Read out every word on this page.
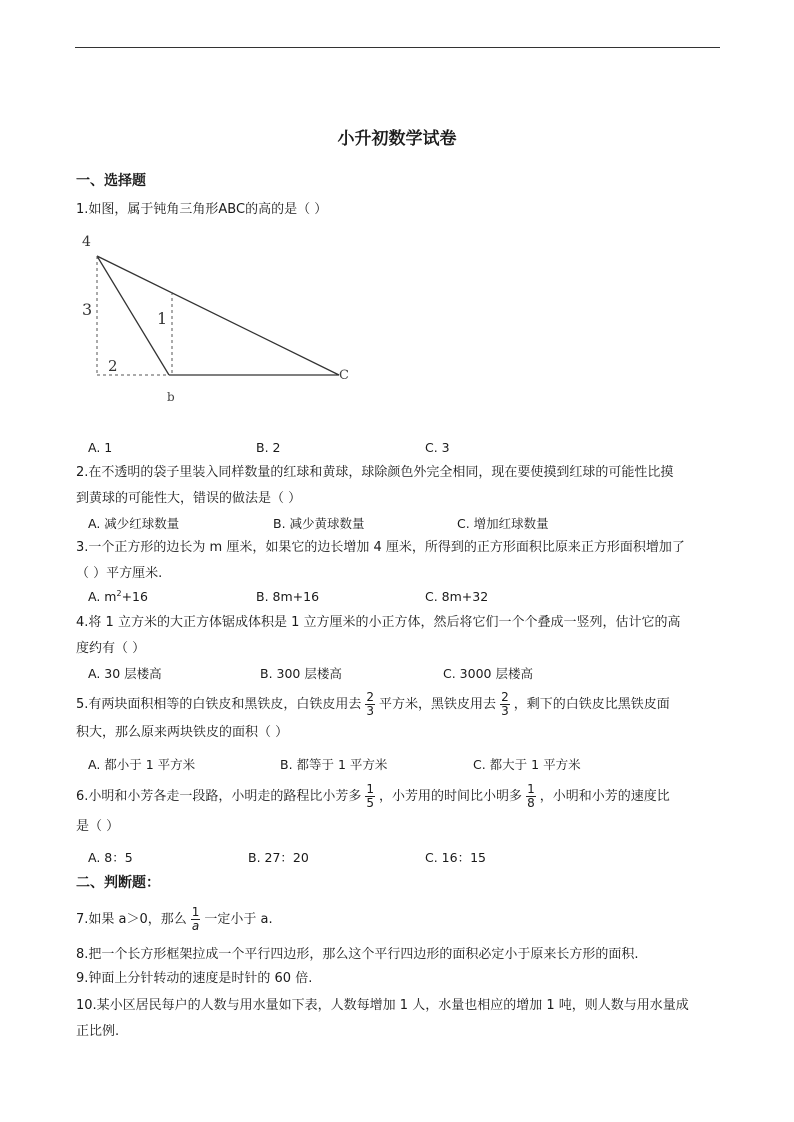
小升初数学试卷
一、选择题
1.如图，属于钝角三角形ABC的高的是（ ）
4
3	1
2
b
C
A. 1	B. 2	C. 3
2.在不透明的袋子里装入同样数量的红球和黄球，球除颜色外完全相同，现在要使摸到红球的可能性比摸
到黄球的可能性大，错误的做法是（ ）
A. 减少红球数量	B. 减少黄球数量	C. 增加红球数量
3.一个正方形的边长为 m 厘米，如果它的边长增加 4 厘米，所得到的正方形面积比原来正方形面积增加了
（ ）平方厘米.
A. $m^2+16$	B. 8m+16	C. 8m+32
4.将 1 立方米的大正方体锯成体积是 1 立方厘米的小正方体，然后将它们一个个叠成一竖列，估计它的高
度约有（ ）
A. 30 层楼高	B. 300 层楼高	C. 3000 层楼高
5.有两块面积相等的白铁皮和黑铁皮，白铁皮用去 $\frac{2}{3}$ 平方米，黑铁皮用去 $\frac{2}{3}$ ，剩下的白铁皮比黑铁皮面
积大，那么原来两块铁皮的面积（ ）
A. 都小于 1 平方米	B. 都等于 1 平方米	C. 都大于 1 平方米
6.小明和小芳各走一段路，小明走的路程比小芳多 $\frac{1}{5}$ ，小芳用的时间比小明多 $\frac{1}{8}$ ，小明和小芳的速度比
是（ ）
A. 8：5	B. 27：20	C. 16：15
二、判断题：
7.如果 a＞0，那么 $\frac{1}{a}$ 一定小于 a.
8.把一个长方形框架拉成一个平行四边形，那么这个平行四边形的面积必定小于原来长方形的面积.
9.钟面上分针转动的速度是时针的 60 倍.
10.某小区居民每户的人数与用水量如下表，人数每增加 1 人，水量也相应的增加 1 吨，则人数与用水量成
正比例.
